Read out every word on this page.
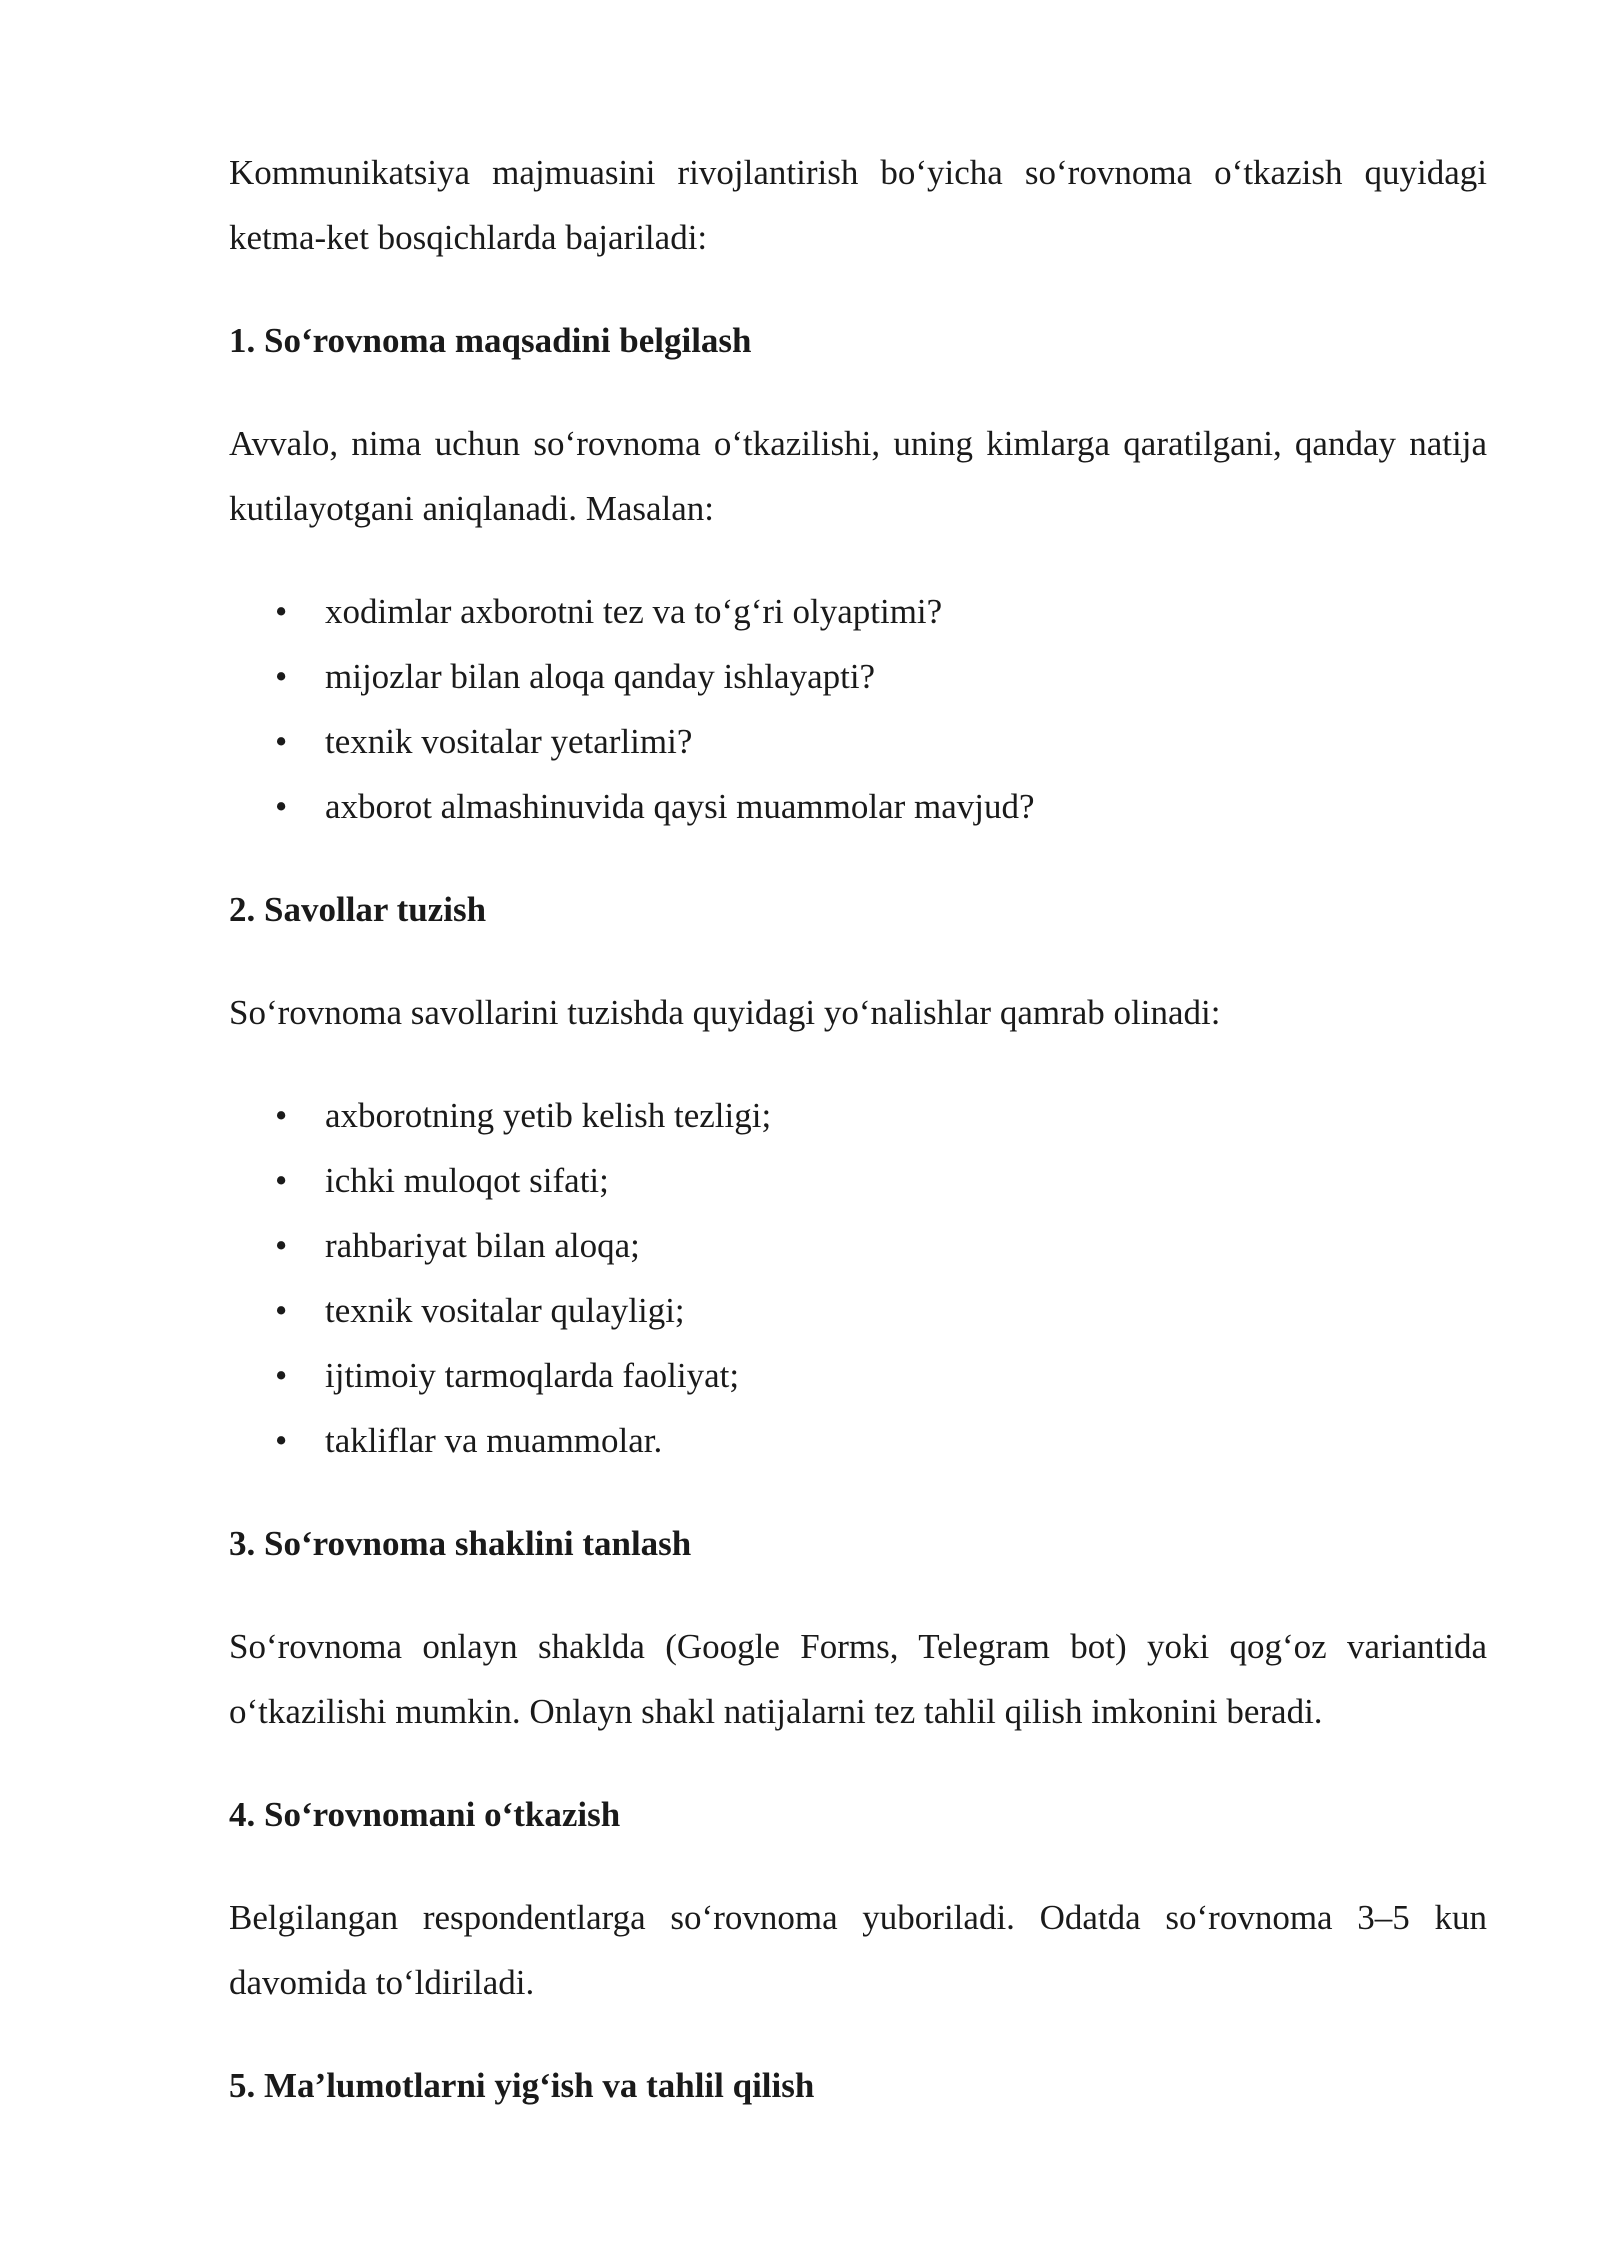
Kommunikatsiya majmuasini rivojlantirish bo‘yicha so‘rovnoma o‘tkazish quyidagi ketma-ket bosqichlarda bajariladi:

1. So‘rovnoma maqsadini belgilash

Avvalo, nima uchun so‘rovnoma o‘tkazilishi, uning kimlarga qaratilgani, qanday natija kutilayotgani aniqlanadi. Masalan:

• xodimlar axborotni tez va to‘g‘ri olyaptimi?
• mijozlar bilan aloqa qanday ishlayapti?
• texnik vositalar yetarlimi?
• axborot almashinuvida qaysi muammolar mavjud?
2. Savollar tuzish

So‘rovnoma savollarini tuzishda quyidagi yo‘nalishlar qamrab olinadi:

• axborotning yetib kelish tezligi;
• ichki muloqot sifati;
• rahbariyat bilan aloqa;
• texnik vositalar qulayligi;
• ijtimoiy tarmoqlarda faoliyat;
• takliflar va muammolar.
3. So‘rovnoma shaklini tanlash

So‘rovnoma onlayn shaklda (Google Forms, Telegram bot) yoki qog‘oz variantida o‘tkazilishi mumkin. Onlayn shakl natijalarni tez tahlil qilish imkonini beradi.

4. So‘rovnomani o‘tkazish

Belgilangan respondentlarga so‘rovnoma yuboriladi. Odatda so‘rovnoma 3–5 kun davomida to‘ldiriladi.

5. Ma’lumotlarni yig‘ish va tahlil qilish
